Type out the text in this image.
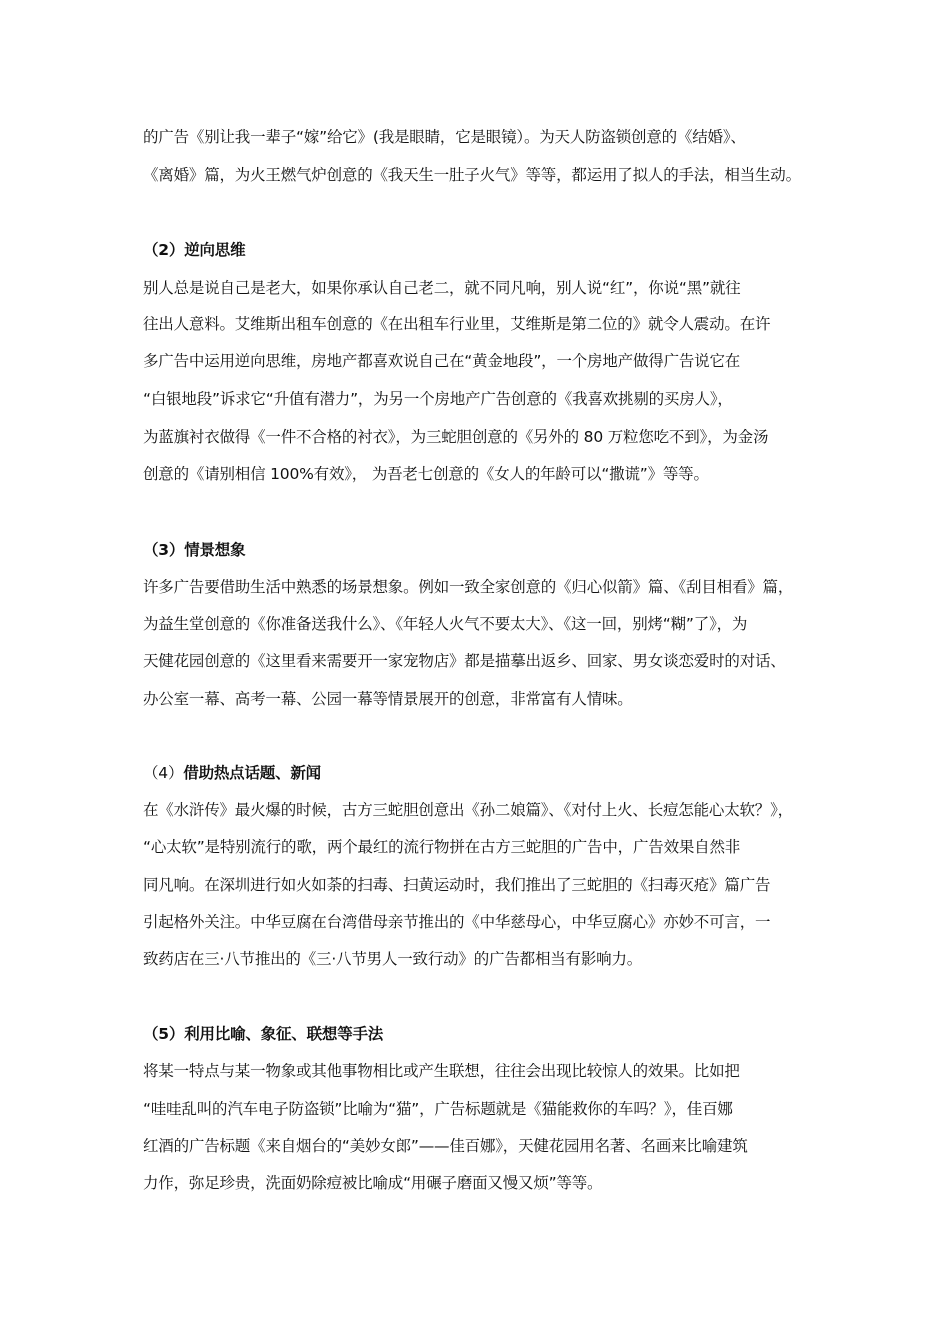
的广告《别让我一辈子“嫁”给它》(我是眼睛，它是眼镜）。为天人防盗锁创意的《结婚》、
《离婚》篇，为火王燃气炉创意的《我天生一肚子火气》等等，都运用了拟人的手法，相当生动。
（2）逆向思维
别人总是说自己是老大，如果你承认自己老二，就不同凡响，别人说“红”，你说“黑”就往
往出人意料。艾维斯出租车创意的《在出租车行业里，艾维斯是第二位的》就令人震动。在许
多广告中运用逆向思维，房地产都喜欢说自己在“黄金地段”，一个房地产做得广告说它在
“白银地段”诉求它“升值有潜力”，为另一个房地产广告创意的《我喜欢挑剔的买房人》，
为蓝旗衬衣做得《一件不合格的衬衣》，为三蛇胆创意的《另外的 80 万粒您吃不到》，为金汤
创意的《请别相信 100%有效》， 为吾老七创意的《女人的年龄可以“撒谎”》等等。
（3）情景想象
许多广告要借助生活中熟悉的场景想象。例如一致全家创意的《归心似箭》篇、《刮目相看》篇，
为益生堂创意的《你准备送我什么》、《年轻人火气不要太大》、《这一回，别烤“糊”了》，为
天健花园创意的《这里看来需要开一家宠物店》都是描摹出返乡、回家、男女谈恋爱时的对话、
办公室一幕、高考一幕、公园一幕等情景展开的创意，非常富有人情味。
（4）借助热点话题、新闻
在《水浒传》最火爆的时候，古方三蛇胆创意出《孙二娘篇》、《对付上火、长痘怎能心太软？》，
“心太软”是特别流行的歌，两个最红的流行物拼在古方三蛇胆的广告中，广告效果自然非
同凡响。在深圳进行如火如荼的扫毒、扫黄运动时，我们推出了三蛇胆的《扫毒灭疮》篇广告
引起格外关注。中华豆腐在台湾借母亲节推出的《中华慈母心，中华豆腐心》亦妙不可言，一
致药店在三·八节推出的《三·八节男人一致行动》的广告都相当有影响力。
（5）利用比喻、象征、联想等手法
将某一特点与某一物象或其他事物相比或产生联想，往往会出现比较惊人的效果。比如把
“哇哇乱叫的汽车电子防盗锁”比喻为“猫”，广告标题就是《猫能救你的车吗？》，佳百娜
红酒的广告标题《来自烟台的“美妙女郎”——佳百娜》，天健花园用名著、名画来比喻建筑
力作，弥足珍贵，洗面奶除痘被比喻成“用碾子磨面又慢又烦”等等。
